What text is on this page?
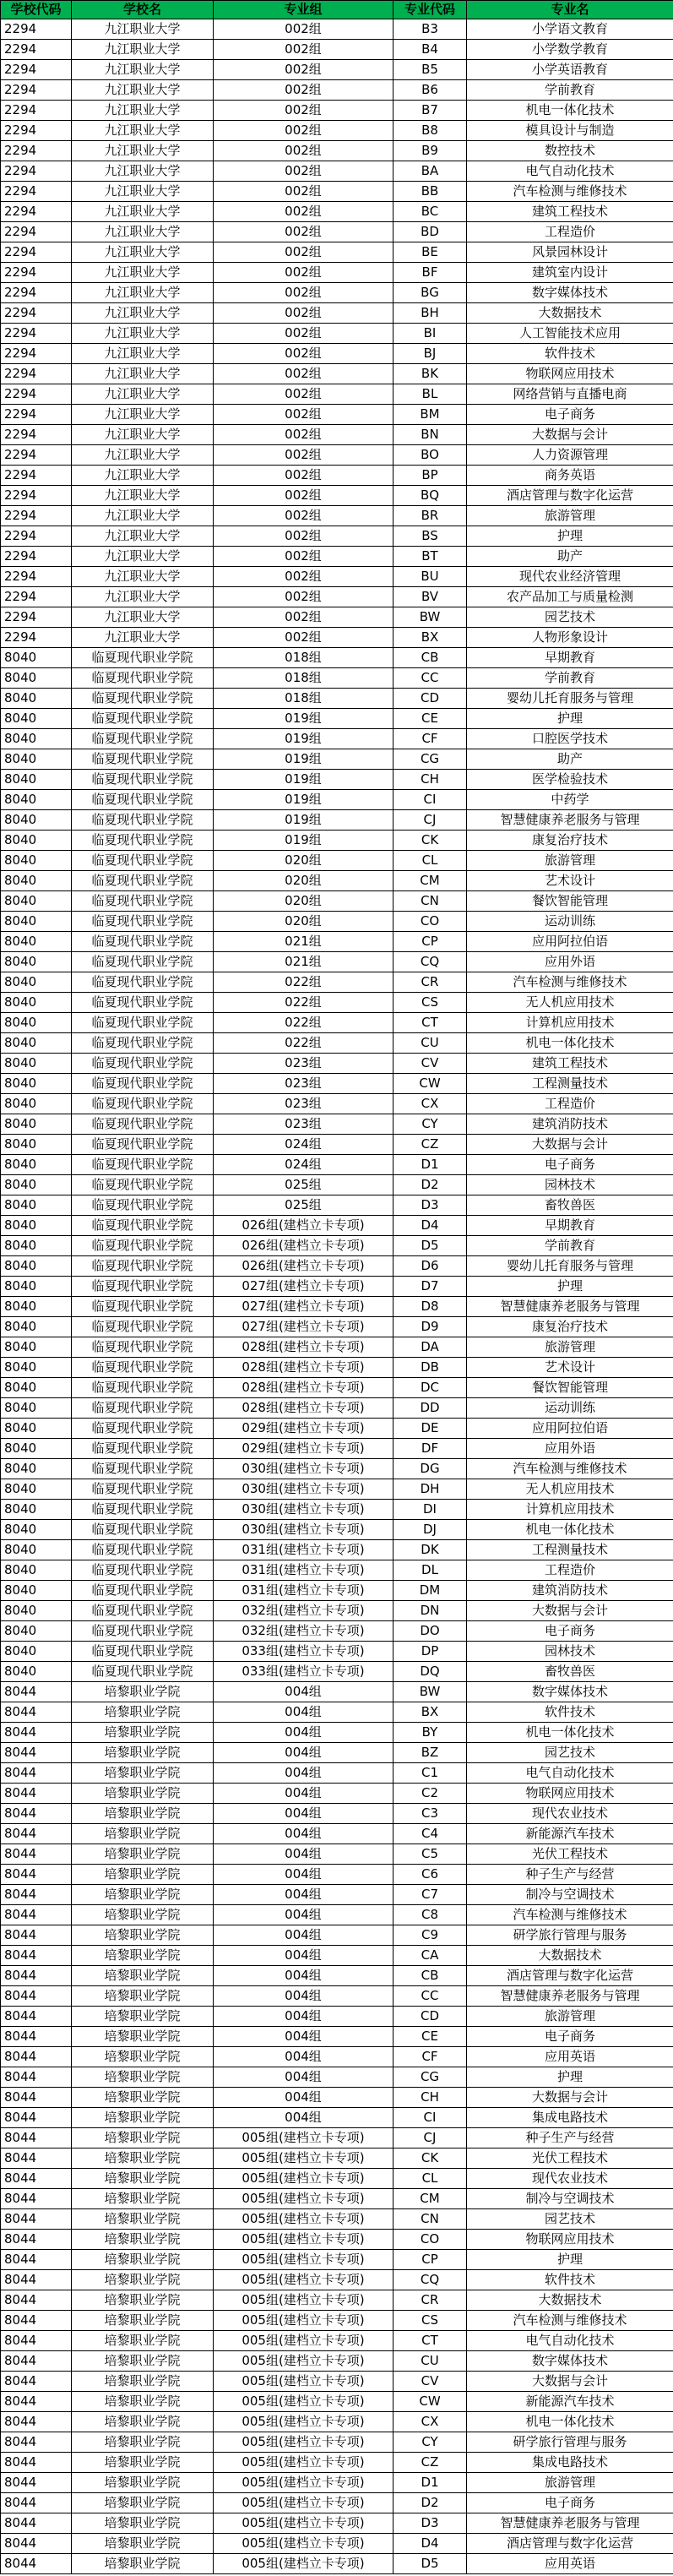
学校代码	学校名	专业组	专业代码	专业名
2294	九江职业大学	002组	B3	小学语文教育
2294	九江职业大学	002组	B4	小学数学教育
2294	九江职业大学	002组	B5	小学英语教育
2294	九江职业大学	002组	B6	学前教育
2294	九江职业大学	002组	B7	机电一体化技术
2294	九江职业大学	002组	B8	模具设计与制造
2294	九江职业大学	002组	B9	数控技术
2294	九江职业大学	002组	BA	电气自动化技术
2294	九江职业大学	002组	BB	汽车检测与维修技术
2294	九江职业大学	002组	BC	建筑工程技术
2294	九江职业大学	002组	BD	工程造价
2294	九江职业大学	002组	BE	风景园林设计
2294	九江职业大学	002组	BF	建筑室内设计
2294	九江职业大学	002组	BG	数字媒体技术
2294	九江职业大学	002组	BH	大数据技术
2294	九江职业大学	002组	BI	人工智能技术应用
2294	九江职业大学	002组	BJ	软件技术
2294	九江职业大学	002组	BK	物联网应用技术
2294	九江职业大学	002组	BL	网络营销与直播电商
2294	九江职业大学	002组	BM	电子商务
2294	九江职业大学	002组	BN	大数据与会计
2294	九江职业大学	002组	BO	人力资源管理
2294	九江职业大学	002组	BP	商务英语
2294	九江职业大学	002组	BQ	酒店管理与数字化运营
2294	九江职业大学	002组	BR	旅游管理
2294	九江职业大学	002组	BS	护理
2294	九江职业大学	002组	BT	助产
2294	九江职业大学	002组	BU	现代农业经济管理
2294	九江职业大学	002组	BV	农产品加工与质量检测
2294	九江职业大学	002组	BW	园艺技术
2294	九江职业大学	002组	BX	人物形象设计
8040	临夏现代职业学院	018组	CB	早期教育
8040	临夏现代职业学院	018组	CC	学前教育
8040	临夏现代职业学院	018组	CD	婴幼儿托育服务与管理
8040	临夏现代职业学院	019组	CE	护理
8040	临夏现代职业学院	019组	CF	口腔医学技术
8040	临夏现代职业学院	019组	CG	助产
8040	临夏现代职业学院	019组	CH	医学检验技术
8040	临夏现代职业学院	019组	CI	中药学
8040	临夏现代职业学院	019组	CJ	智慧健康养老服务与管理
8040	临夏现代职业学院	019组	CK	康复治疗技术
8040	临夏现代职业学院	020组	CL	旅游管理
8040	临夏现代职业学院	020组	CM	艺术设计
8040	临夏现代职业学院	020组	CN	餐饮智能管理
8040	临夏现代职业学院	020组	CO	运动训练
8040	临夏现代职业学院	021组	CP	应用阿拉伯语
8040	临夏现代职业学院	021组	CQ	应用外语
8040	临夏现代职业学院	022组	CR	汽车检测与维修技术
8040	临夏现代职业学院	022组	CS	无人机应用技术
8040	临夏现代职业学院	022组	CT	计算机应用技术
8040	临夏现代职业学院	022组	CU	机电一体化技术
8040	临夏现代职业学院	023组	CV	建筑工程技术
8040	临夏现代职业学院	023组	CW	工程测量技术
8040	临夏现代职业学院	023组	CX	工程造价
8040	临夏现代职业学院	023组	CY	建筑消防技术
8040	临夏现代职业学院	024组	CZ	大数据与会计
8040	临夏现代职业学院	024组	D1	电子商务
8040	临夏现代职业学院	025组	D2	园林技术
8040	临夏现代职业学院	025组	D3	畜牧兽医
8040	临夏现代职业学院	026组(建档立卡专项)	D4	早期教育
8040	临夏现代职业学院	026组(建档立卡专项)	D5	学前教育
8040	临夏现代职业学院	026组(建档立卡专项)	D6	婴幼儿托育服务与管理
8040	临夏现代职业学院	027组(建档立卡专项)	D7	护理
8040	临夏现代职业学院	027组(建档立卡专项)	D8	智慧健康养老服务与管理
8040	临夏现代职业学院	027组(建档立卡专项)	D9	康复治疗技术
8040	临夏现代职业学院	028组(建档立卡专项)	DA	旅游管理
8040	临夏现代职业学院	028组(建档立卡专项)	DB	艺术设计
8040	临夏现代职业学院	028组(建档立卡专项)	DC	餐饮智能管理
8040	临夏现代职业学院	028组(建档立卡专项)	DD	运动训练
8040	临夏现代职业学院	029组(建档立卡专项)	DE	应用阿拉伯语
8040	临夏现代职业学院	029组(建档立卡专项)	DF	应用外语
8040	临夏现代职业学院	030组(建档立卡专项)	DG	汽车检测与维修技术
8040	临夏现代职业学院	030组(建档立卡专项)	DH	无人机应用技术
8040	临夏现代职业学院	030组(建档立卡专项)	DI	计算机应用技术
8040	临夏现代职业学院	030组(建档立卡专项)	DJ	机电一体化技术
8040	临夏现代职业学院	031组(建档立卡专项)	DK	工程测量技术
8040	临夏现代职业学院	031组(建档立卡专项)	DL	工程造价
8040	临夏现代职业学院	031组(建档立卡专项)	DM	建筑消防技术
8040	临夏现代职业学院	032组(建档立卡专项)	DN	大数据与会计
8040	临夏现代职业学院	032组(建档立卡专项)	DO	电子商务
8040	临夏现代职业学院	033组(建档立卡专项)	DP	园林技术
8040	临夏现代职业学院	033组(建档立卡专项)	DQ	畜牧兽医
8044	培黎职业学院	004组	BW	数字媒体技术
8044	培黎职业学院	004组	BX	软件技术
8044	培黎职业学院	004组	BY	机电一体化技术
8044	培黎职业学院	004组	BZ	园艺技术
8044	培黎职业学院	004组	C1	电气自动化技术
8044	培黎职业学院	004组	C2	物联网应用技术
8044	培黎职业学院	004组	C3	现代农业技术
8044	培黎职业学院	004组	C4	新能源汽车技术
8044	培黎职业学院	004组	C5	光伏工程技术
8044	培黎职业学院	004组	C6	种子生产与经营
8044	培黎职业学院	004组	C7	制冷与空调技术
8044	培黎职业学院	004组	C8	汽车检测与维修技术
8044	培黎职业学院	004组	C9	研学旅行管理与服务
8044	培黎职业学院	004组	CA	大数据技术
8044	培黎职业学院	004组	CB	酒店管理与数字化运营
8044	培黎职业学院	004组	CC	智慧健康养老服务与管理
8044	培黎职业学院	004组	CD	旅游管理
8044	培黎职业学院	004组	CE	电子商务
8044	培黎职业学院	004组	CF	应用英语
8044	培黎职业学院	004组	CG	护理
8044	培黎职业学院	004组	CH	大数据与会计
8044	培黎职业学院	004组	CI	集成电路技术
8044	培黎职业学院	005组(建档立卡专项)	CJ	种子生产与经营
8044	培黎职业学院	005组(建档立卡专项)	CK	光伏工程技术
8044	培黎职业学院	005组(建档立卡专项)	CL	现代农业技术
8044	培黎职业学院	005组(建档立卡专项)	CM	制冷与空调技术
8044	培黎职业学院	005组(建档立卡专项)	CN	园艺技术
8044	培黎职业学院	005组(建档立卡专项)	CO	物联网应用技术
8044	培黎职业学院	005组(建档立卡专项)	CP	护理
8044	培黎职业学院	005组(建档立卡专项)	CQ	软件技术
8044	培黎职业学院	005组(建档立卡专项)	CR	大数据技术
8044	培黎职业学院	005组(建档立卡专项)	CS	汽车检测与维修技术
8044	培黎职业学院	005组(建档立卡专项)	CT	电气自动化技术
8044	培黎职业学院	005组(建档立卡专项)	CU	数字媒体技术
8044	培黎职业学院	005组(建档立卡专项)	CV	大数据与会计
8044	培黎职业学院	005组(建档立卡专项)	CW	新能源汽车技术
8044	培黎职业学院	005组(建档立卡专项)	CX	机电一体化技术
8044	培黎职业学院	005组(建档立卡专项)	CY	研学旅行管理与服务
8044	培黎职业学院	005组(建档立卡专项)	CZ	集成电路技术
8044	培黎职业学院	005组(建档立卡专项)	D1	旅游管理
8044	培黎职业学院	005组(建档立卡专项)	D2	电子商务
8044	培黎职业学院	005组(建档立卡专项)	D3	智慧健康养老服务与管理
8044	培黎职业学院	005组(建档立卡专项)	D4	酒店管理与数字化运营
8044	培黎职业学院	005组(建档立卡专项)	D5	应用英语
